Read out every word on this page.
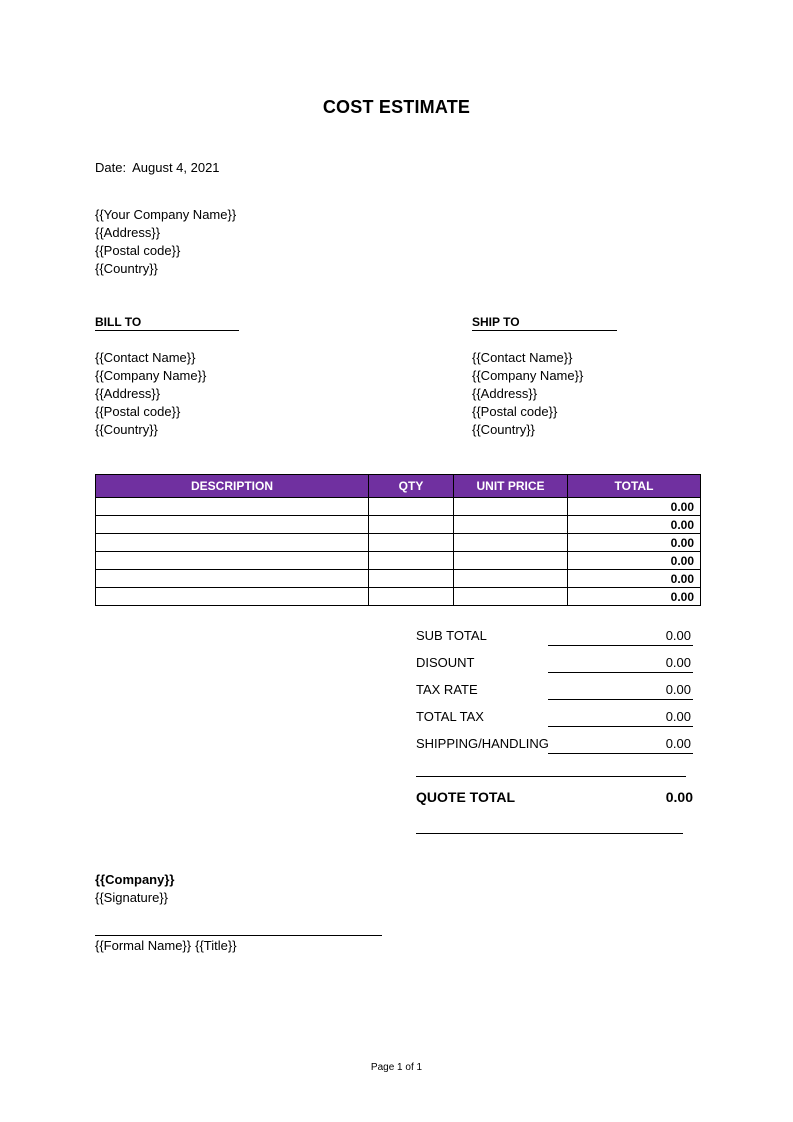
COST ESTIMATE
Date: August 4, 2021
{{Your Company Name}}
{{Address}}
{{Postal code}}
{{Country}}
BILL TO	SHIP TO
{{Contact Name}}
{{Company Name}}
{{Address}}
{{Postal code}}
{{Country}}
{{Contact Name}}
{{Company Name}}
{{Address}}
{{Postal code}}
{{Country}}
DESCRIPTION	QTY	UNIT PRICE	TOTAL
			0.00
			0.00
			0.00
			0.00
			0.00
			0.00
SUB TOTAL	0.00
DISOUNT	0.00
TAX RATE	0.00
TOTAL TAX	0.00
SHIPPING/HANDLING	0.00
QUOTE TOTAL	0.00
{{Company}}
{{Signature}}
{{Formal Name}} {{Title}}
Page 1 of 1
